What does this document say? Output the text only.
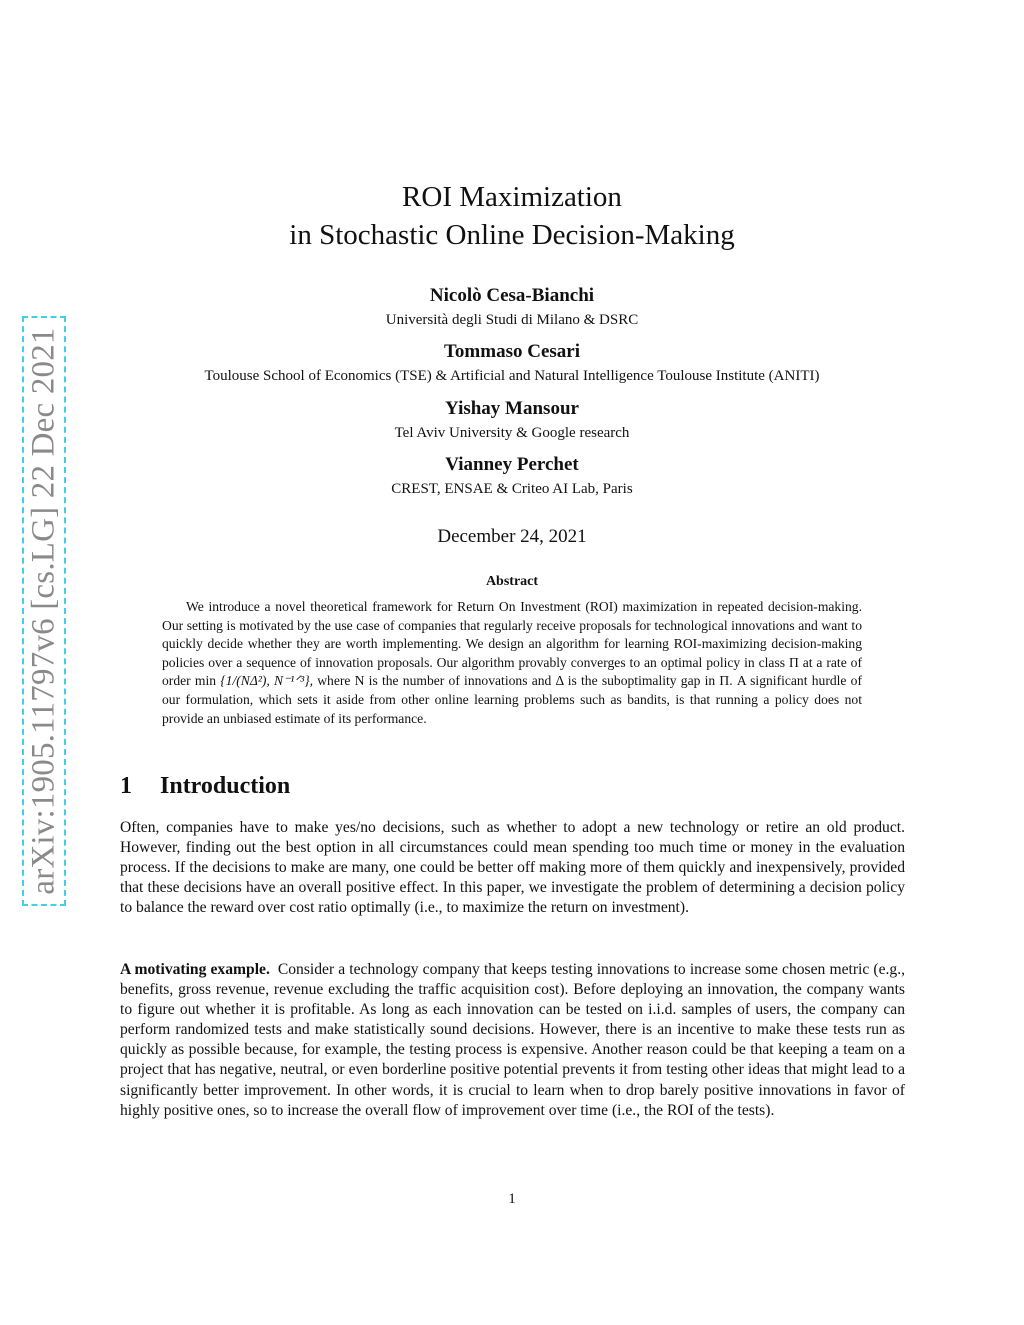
arXiv:1905.11797v6 [cs.LG] 22 Dec 2021
ROI Maximization
in Stochastic Online Decision-Making
Nicolò Cesa-Bianchi
Università degli Studi di Milano & DSRC
Tommaso Cesari
Toulouse School of Economics (TSE) & Artificial and Natural Intelligence Toulouse Institute (ANITI)
Yishay Mansour
Tel Aviv University & Google research
Vianney Perchet
CREST, ENSAE & Criteo AI Lab, Paris
December 24, 2021
Abstract
We introduce a novel theoretical framework for Return On Investment (ROI) maximization in repeated decision-making. Our setting is motivated by the use case of companies that regularly receive proposals for technological innovations and want to quickly decide whether they are worth implementing. We design an algorithm for learning ROI-maximizing decision-making policies over a sequence of innovation proposals. Our algorithm provably converges to an optimal policy in class Π at a rate of order min {1/(NΔ²), N⁻¹ᐟ³}, where N is the number of innovations and Δ is the suboptimality gap in Π. A significant hurdle of our formulation, which sets it aside from other online learning problems such as bandits, is that running a policy does not provide an unbiased estimate of its performance.
1 Introduction
Often, companies have to make yes/no decisions, such as whether to adopt a new technology or retire an old product. However, finding out the best option in all circumstances could mean spending too much time or money in the evaluation process. If the decisions to make are many, one could be better off making more of them quickly and inexpensively, provided that these decisions have an overall positive effect. In this paper, we investigate the problem of determining a decision policy to balance the reward over cost ratio optimally (i.e., to maximize the return on investment).
A motivating example. Consider a technology company that keeps testing innovations to increase some chosen metric (e.g., benefits, gross revenue, revenue excluding the traffic acquisition cost). Before deploying an innovation, the company wants to figure out whether it is profitable. As long as each innovation can be tested on i.i.d. samples of users, the company can perform randomized tests and make statistically sound decisions. However, there is an incentive to make these tests run as quickly as possible because, for example, the testing process is expensive. Another reason could be that keeping a team on a project that has negative, neutral, or even borderline positive potential prevents it from testing other ideas that might lead to a significantly better improvement. In other words, it is crucial to learn when to drop barely positive innovations in favor of highly positive ones, so to increase the overall flow of improvement over time (i.e., the ROI of the tests).
1
